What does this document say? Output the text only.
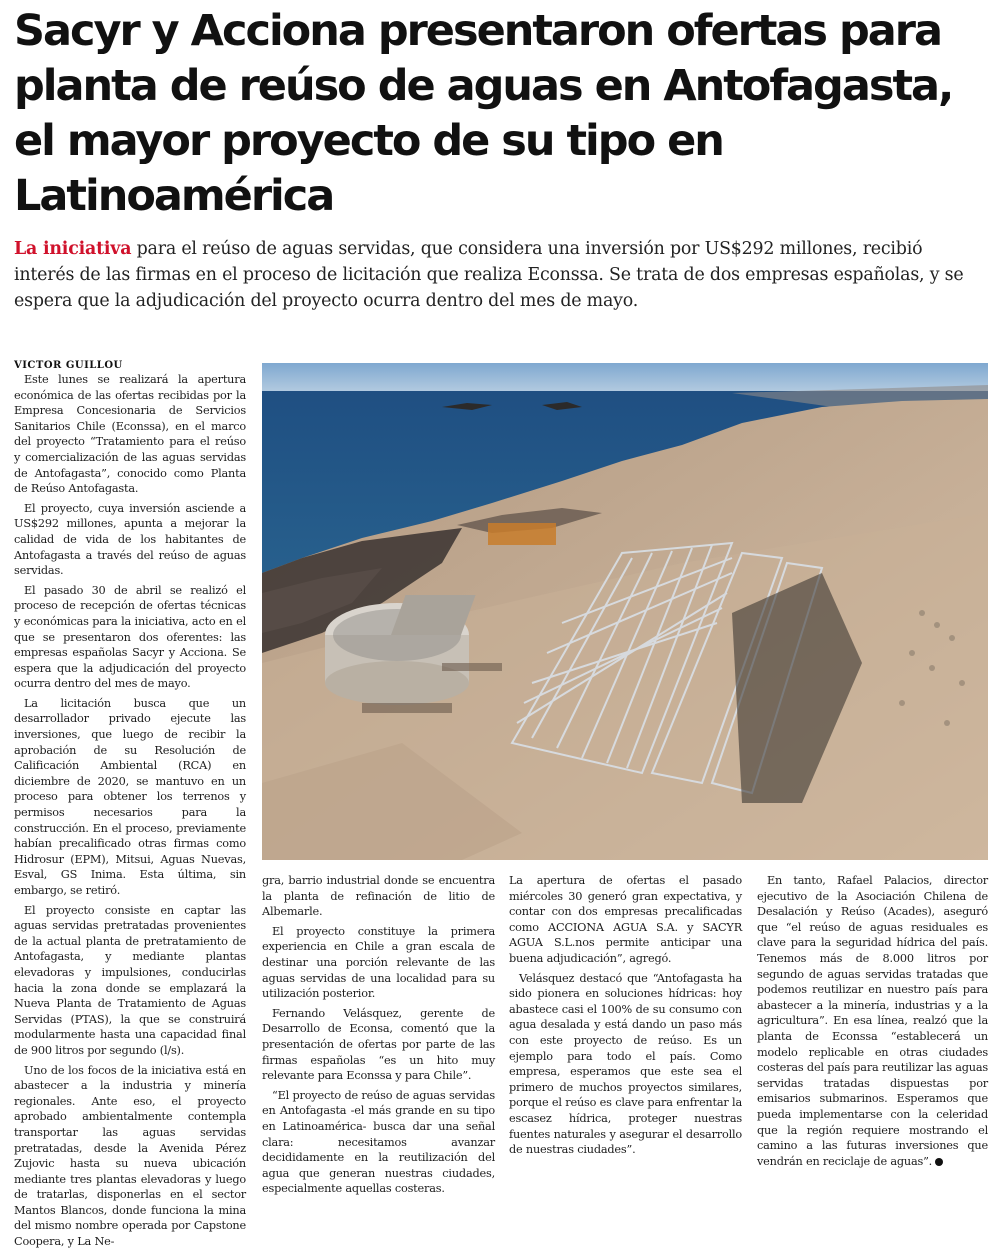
Sacyr y Acciona presentaron ofertas para planta de reúso de aguas en Antofagasta, el mayor proyecto de su tipo en Latinoamérica

La iniciativa para el reúso de aguas servidas, que considera una inversión por US$292 millones, recibió interés de las firmas en el proceso de licitación que realiza Econssa. Se trata de dos empresas españolas, y se espera que la adjudicación del proyecto ocurra dentro del mes de mayo.

VICTOR GUILLOU

Este lunes se realizará la apertura económica de las ofertas recibidas por la Empresa Concesionaria de Servicios Sanitarios Chile (Econssa), en el marco del proyecto “Tratamiento para el reúso y comercialización de las aguas servidas de Antofagasta”, conocido como Planta de Reúso Antofagasta.

El proyecto, cuya inversión asciende a US$292 millones, apunta a mejorar la calidad de vida de los habitantes de Antofagasta a través del reúso de aguas servidas.

El pasado 30 de abril se realizó el proceso de recepción de ofertas técnicas y económicas para la iniciativa, acto en el que se presentaron dos oferentes: las empresas españolas Sacyr y Acciona. Se espera que la adjudicación del proyecto ocurra dentro del mes de mayo.

La licitación busca que un desarrollador privado ejecute las inversiones, que luego de recibir la aprobación de su Resolución de Calificación Ambiental (RCA) en diciembre de 2020, se mantuvo en un proceso para obtener los terrenos y permisos necesarios para la construcción. En el proceso, previamente habían precalificado otras firmas como Hidrosur (EPM), Mitsui, Aguas Nuevas, Esval, GS Inima. Esta última, sin embargo, se retiró.

El proyecto consiste en captar las aguas servidas pretratadas provenientes de la actual planta de pretratamiento de Antofagasta, y mediante plantas elevadoras y impulsiones, conducirlas hacia la zona donde se emplazará la Nueva Planta de Tratamiento de Aguas Servidas (PTAS), la que se construirá modularmente hasta una capacidad final de 900 litros por segundo (l/s).

Uno de los focos de la iniciativa está en abastecer a la industria y minería regionales. Ante eso, el proyecto aprobado ambientalmente contempla transportar las aguas servidas pretratadas, desde la Avenida Pérez Zujovic hasta su nueva ubicación mediante tres plantas elevadoras y luego de tratarlas, disponerlas en el sector Mantos Blancos, donde funciona la mina del mismo nombre operada por Capstone Coopera, y La Ne-

gra, barrio industrial donde se encuentra la planta de refinación de litio de Albemarle.

El proyecto constituye la primera experiencia en Chile a gran escala de destinar una porción relevante de las aguas servidas de una localidad para su utilización posterior.

Fernando Velásquez, gerente de Desarrollo de Econsa, comentó que la presentación de ofertas por parte de las firmas españolas “es un hito muy relevante para Econssa y para Chile”.

“El proyecto de reúso de aguas servidas en Antofagasta -el más grande en su tipo en Latinoamérica- busca dar una señal clara: necesitamos avanzar decididamente en la reutilización del agua que generan nuestras ciudades, especialmente aquellas costeras.

La apertura de ofertas el pasado miércoles 30 generó gran expectativa, y contar con dos empresas precalificadas como ACCIONA AGUA S.A. y SACYR AGUA S.L.nos permite anticipar una buena adjudicación”, agregó.

Velásquez destacó que “Antofagasta ha sido pionera en soluciones hídricas: hoy abastece casi el 100% de su consumo con agua desalada y está dando un paso más con este proyecto de reúso. Es un ejemplo para todo el país. Como empresa, esperamos que este sea el primero de muchos proyectos similares, porque el reúso es clave para enfrentar la escasez hídrica, proteger nuestras fuentes naturales y asegurar el desarrollo de nuestras ciudades”.

En tanto, Rafael Palacios, director ejecutivo de la Asociación Chilena de Desalación y Reúso (Acades), aseguró que “el reúso de aguas residuales es clave para la seguridad hídrica del país. Tenemos más de 8.000 litros por segundo de aguas servidas tratadas que podemos reutilizar en nuestro país para abastecer a la minería, industrias y a la agricultura”. En esa línea, realzó que la planta de Econssa “establecerá un modelo replicable en otras ciudades costeras del país para reutilizar las aguas servidas tratadas dispuestas por emisarios submarinos. Esperamos que pueda implementarse con la celeridad que la región requiere mostrando el camino a las futuras inversiones que vendrán en reciclaje de aguas”.
